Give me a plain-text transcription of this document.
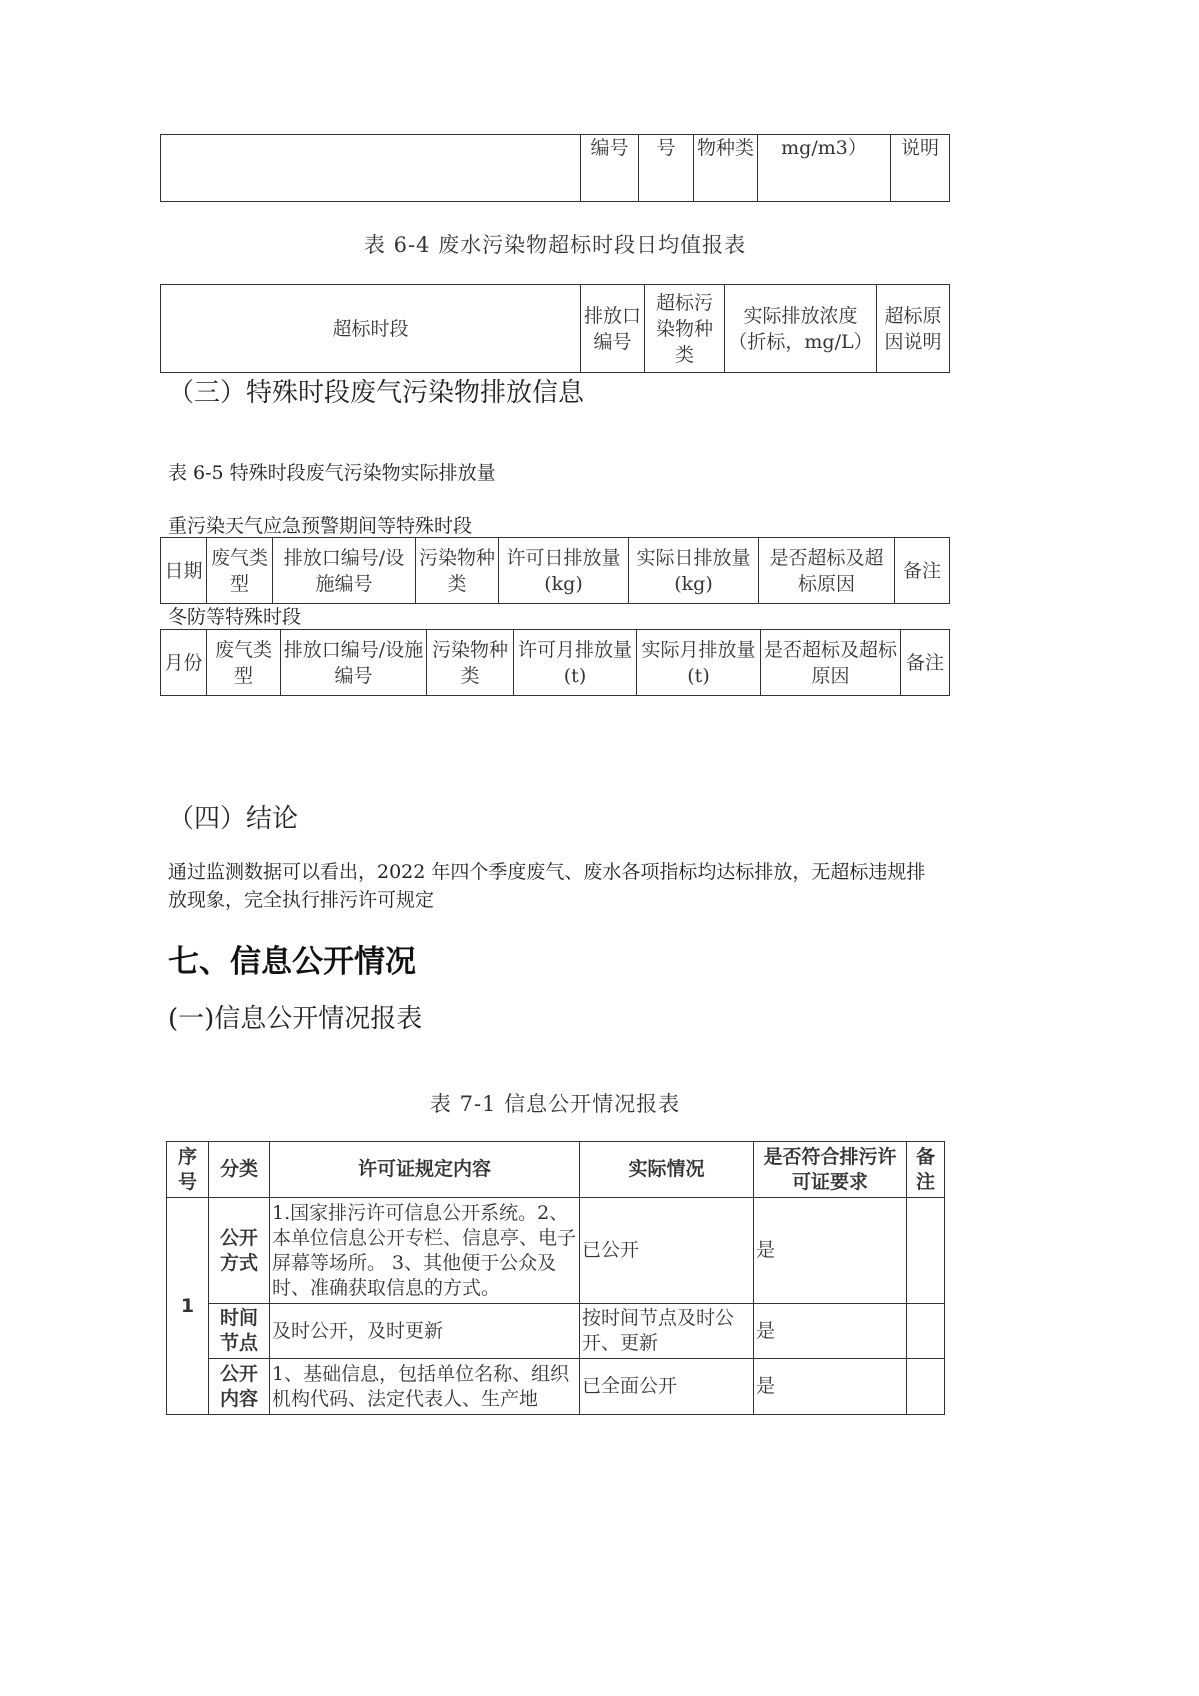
	编号	号	物种类	mg/m3）	说明
表 6-4 废水污染物超标时段日均值报表
超标时段	排放口编号	超标污染物种类	实际排放浓度（折标，mg/L）	超标原因说明
（三）特殊时段废气污染物排放信息
表 6-5 特殊时段废气污染物实际排放量
重污染天气应急预警期间等特殊时段
日期	废气类型	排放口编号/设施编号	污染物种类	许可日排放量(kg)	实际日排放量(kg)	是否超标及超标原因	备注
冬防等特殊时段
月份	废气类型	排放口编号/设施编号	污染物种类	许可月排放量(t)	实际月排放量(t)	是否超标及超标原因	备注
（四）结论
通过监测数据可以看出，2022 年四个季度废气、废水各项指标均达标排放，无超标违规排放现象，完全执行排污许可规定
七、信息公开情况
(一)信息公开情况报表
表 7-1 信息公开情况报表
序号	分类	许可证规定内容	实际情况	是否符合排污许可证要求	备注
1	公开方式	1.国家排污许可信息公开系统。2、本单位信息公开专栏、信息亭、电子屏幕等场所。 3、其他便于公众及时、准确获取信息的方式。	已公开	是	
	时间节点	及时公开，及时更新	按时间节点及时公开、更新	是	
	公开内容	1、基础信息，包括单位名称、组织机构代码、法定代表人、生产地	已全面公开	是	
